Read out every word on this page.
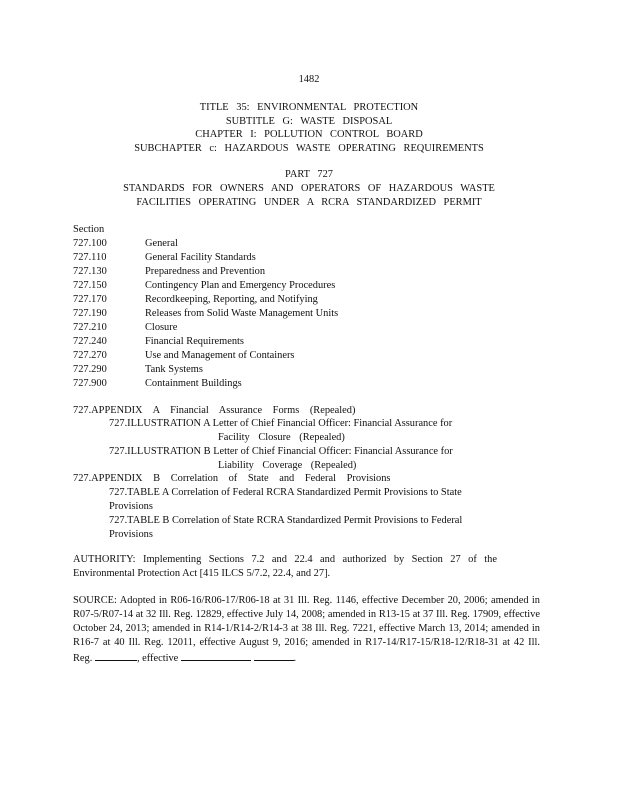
1482
TITLE 35: ENVIRONMENTAL PROTECTION
SUBTITLE G: WASTE DISPOSAL
CHAPTER I: POLLUTION CONTROL BOARD
SUBCHAPTER c: HAZARDOUS WASTE OPERATING REQUIREMENTS
PART 727
STANDARDS FOR OWNERS AND OPERATORS OF HAZARDOUS WASTE
FACILITIES OPERATING UNDER A RCRA STANDARDIZED PERMIT
Section
727.100	General
727.110	General Facility Standards
727.130	Preparedness and Prevention
727.150	Contingency Plan and Emergency Procedures
727.170	Recordkeeping, Reporting, and Notifying
727.190	Releases from Solid Waste Management Units
727.210	Closure
727.240	Financial Requirements
727.270	Use and Management of Containers
727.290	Tank Systems
727.900	Containment Buildings
727.APPENDIX A Financial Assurance Forms (Repealed)
727.ILLUSTRATION A Letter of Chief Financial Officer: Financial Assurance for
Facility Closure (Repealed)
727.ILLUSTRATION B Letter of Chief Financial Officer: Financial Assurance for
Liability Coverage (Repealed)
727.APPENDIX B Correlation of State and Federal Provisions
727.TABLE A Correlation of Federal RCRA Standardized Permit Provisions to State
Provisions
727.TABLE B Correlation of State RCRA Standardized Permit Provisions to Federal
Provisions
AUTHORITY: Implementing Sections 7.2 and 22.4 and authorized by Section 27 of the Environmental Protection Act [415 ILCS 5/7.2, 22.4, and 27].
SOURCE: Adopted in R06-16/R06-17/R06-18 at 31 Ill. Reg. 1146, effective December 20, 2006; amended in R07-5/R07-14 at 32 Ill. Reg. 12829, effective July 14, 2008; amended in R13-15 at 37 Ill. Reg. 17909, effective October 24, 2013; amended in R14-1/R14-2/R14-3 at 38 Ill. Reg. 7221, effective March 13, 2014; amended in R16-7 at 40 Ill. Reg. 12011, effective August 9, 2016; amended in R17-14/R17-15/R18-12/R18-31 at 42 Ill. Reg.	, effective	.
